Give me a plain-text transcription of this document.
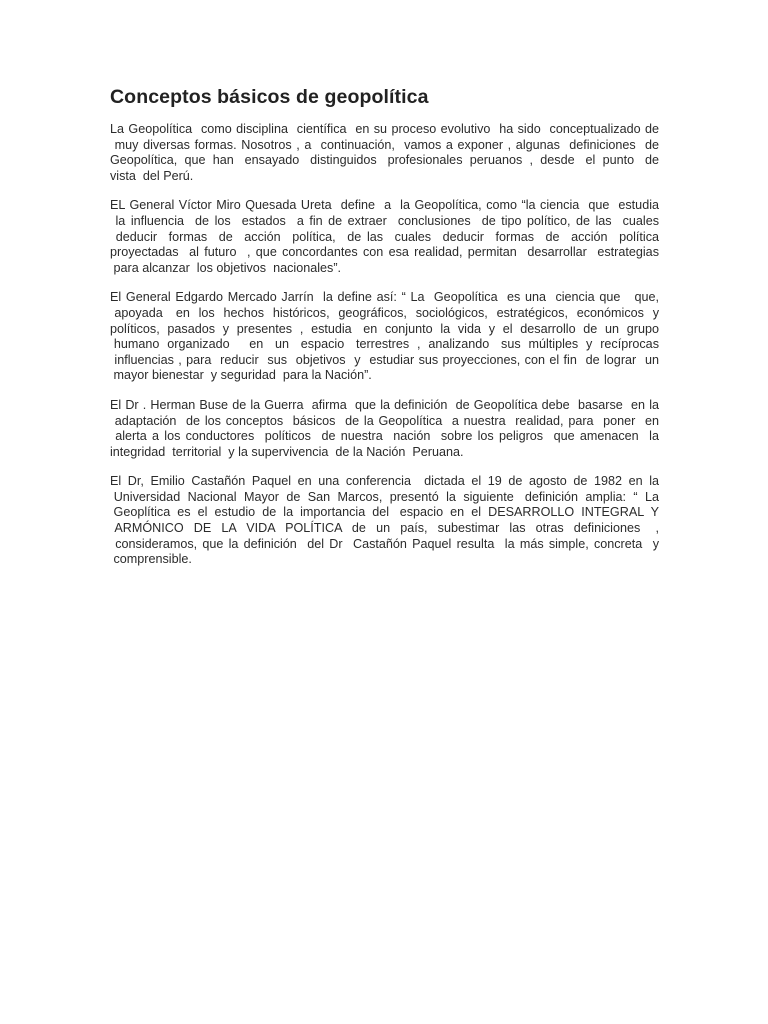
Conceptos básicos de geopolítica

La Geopolítica  como disciplina  científica  en su proceso evolutivo  ha sido  conceptualizado de
muy diversas formas. Nosotros , a  continuación,  vamos a exponer , algunas  definiciones  de
Geopolítica,  que  han   ensayado   distinguidos   profesionales  peruanos  ,  desde   el  punto   de
vista  del Perú.

EL General Víctor Miro Quesada Ureta  define  a  la Geopolítica, como “la ciencia  que  estudia
la influencia  de los  estados  a fin de extraer  conclusiones  de tipo político, de las  cuales
deducir  formas  de  acción  política,  de las  cuales  deducir  formas  de  acción  política
proyectadas  al futuro  , que concordantes con esa realidad, permitan  desarrollar  estrategias
para alcanzar  los objetivos  nacionales”.

El General Edgardo Mercado Jarrín  la define así: “ La  Geopolítica  es una  ciencia que   que,
apoyada   en  los  hechos  históricos,  geográficos,  sociológicos,  estratégicos,  económicos  y
políticos,  pasados  y  presentes  ,  estudia   en  conjunto  la  vida  y  el  desarrollo  de  un  grupo
humano  organizado     en   un   espacio   terrestres  ,  analizando   sus  múltiples  y  recíprocas
influencias , para  reducir  sus  objetivos  y  estudiar sus proyecciones, con el fin  de lograr  un
mayor bienestar  y seguridad  para la Nación”.

El Dr . Herman Buse de la Guerra  afirma  que la definición  de Geopolítica debe  basarse  en la
adaptación  de los conceptos  básicos  de la Geopolítica  a nuestra  realidad, para  poner  en
alerta a los conductores  políticos  de nuestra  nación  sobre los peligros  que amenacen  la
integridad  territorial  y la supervivencia  de la Nación  Peruana.

El Dr, Emilio Castañón Paquel en una conferencia  dictada el 19 de agosto de 1982 en la
Universidad  Nacional  Mayor  de  San  Marcos,  presentó  la  siguiente   definición  amplia:  “  La
Geoplítica  es  el  estudio  de  la  importancia  del   espacio  en  el  DESARROLLO  INTEGRAL  Y
ARMÓNICO  DE  LA  VIDA  POLÍTICA  de  un  país,  subestimar  las  otras  definiciones   ,
consideramos, que la definición  del Dr  Castañón Paquel resulta  la más simple, concreta  y
comprensible.
